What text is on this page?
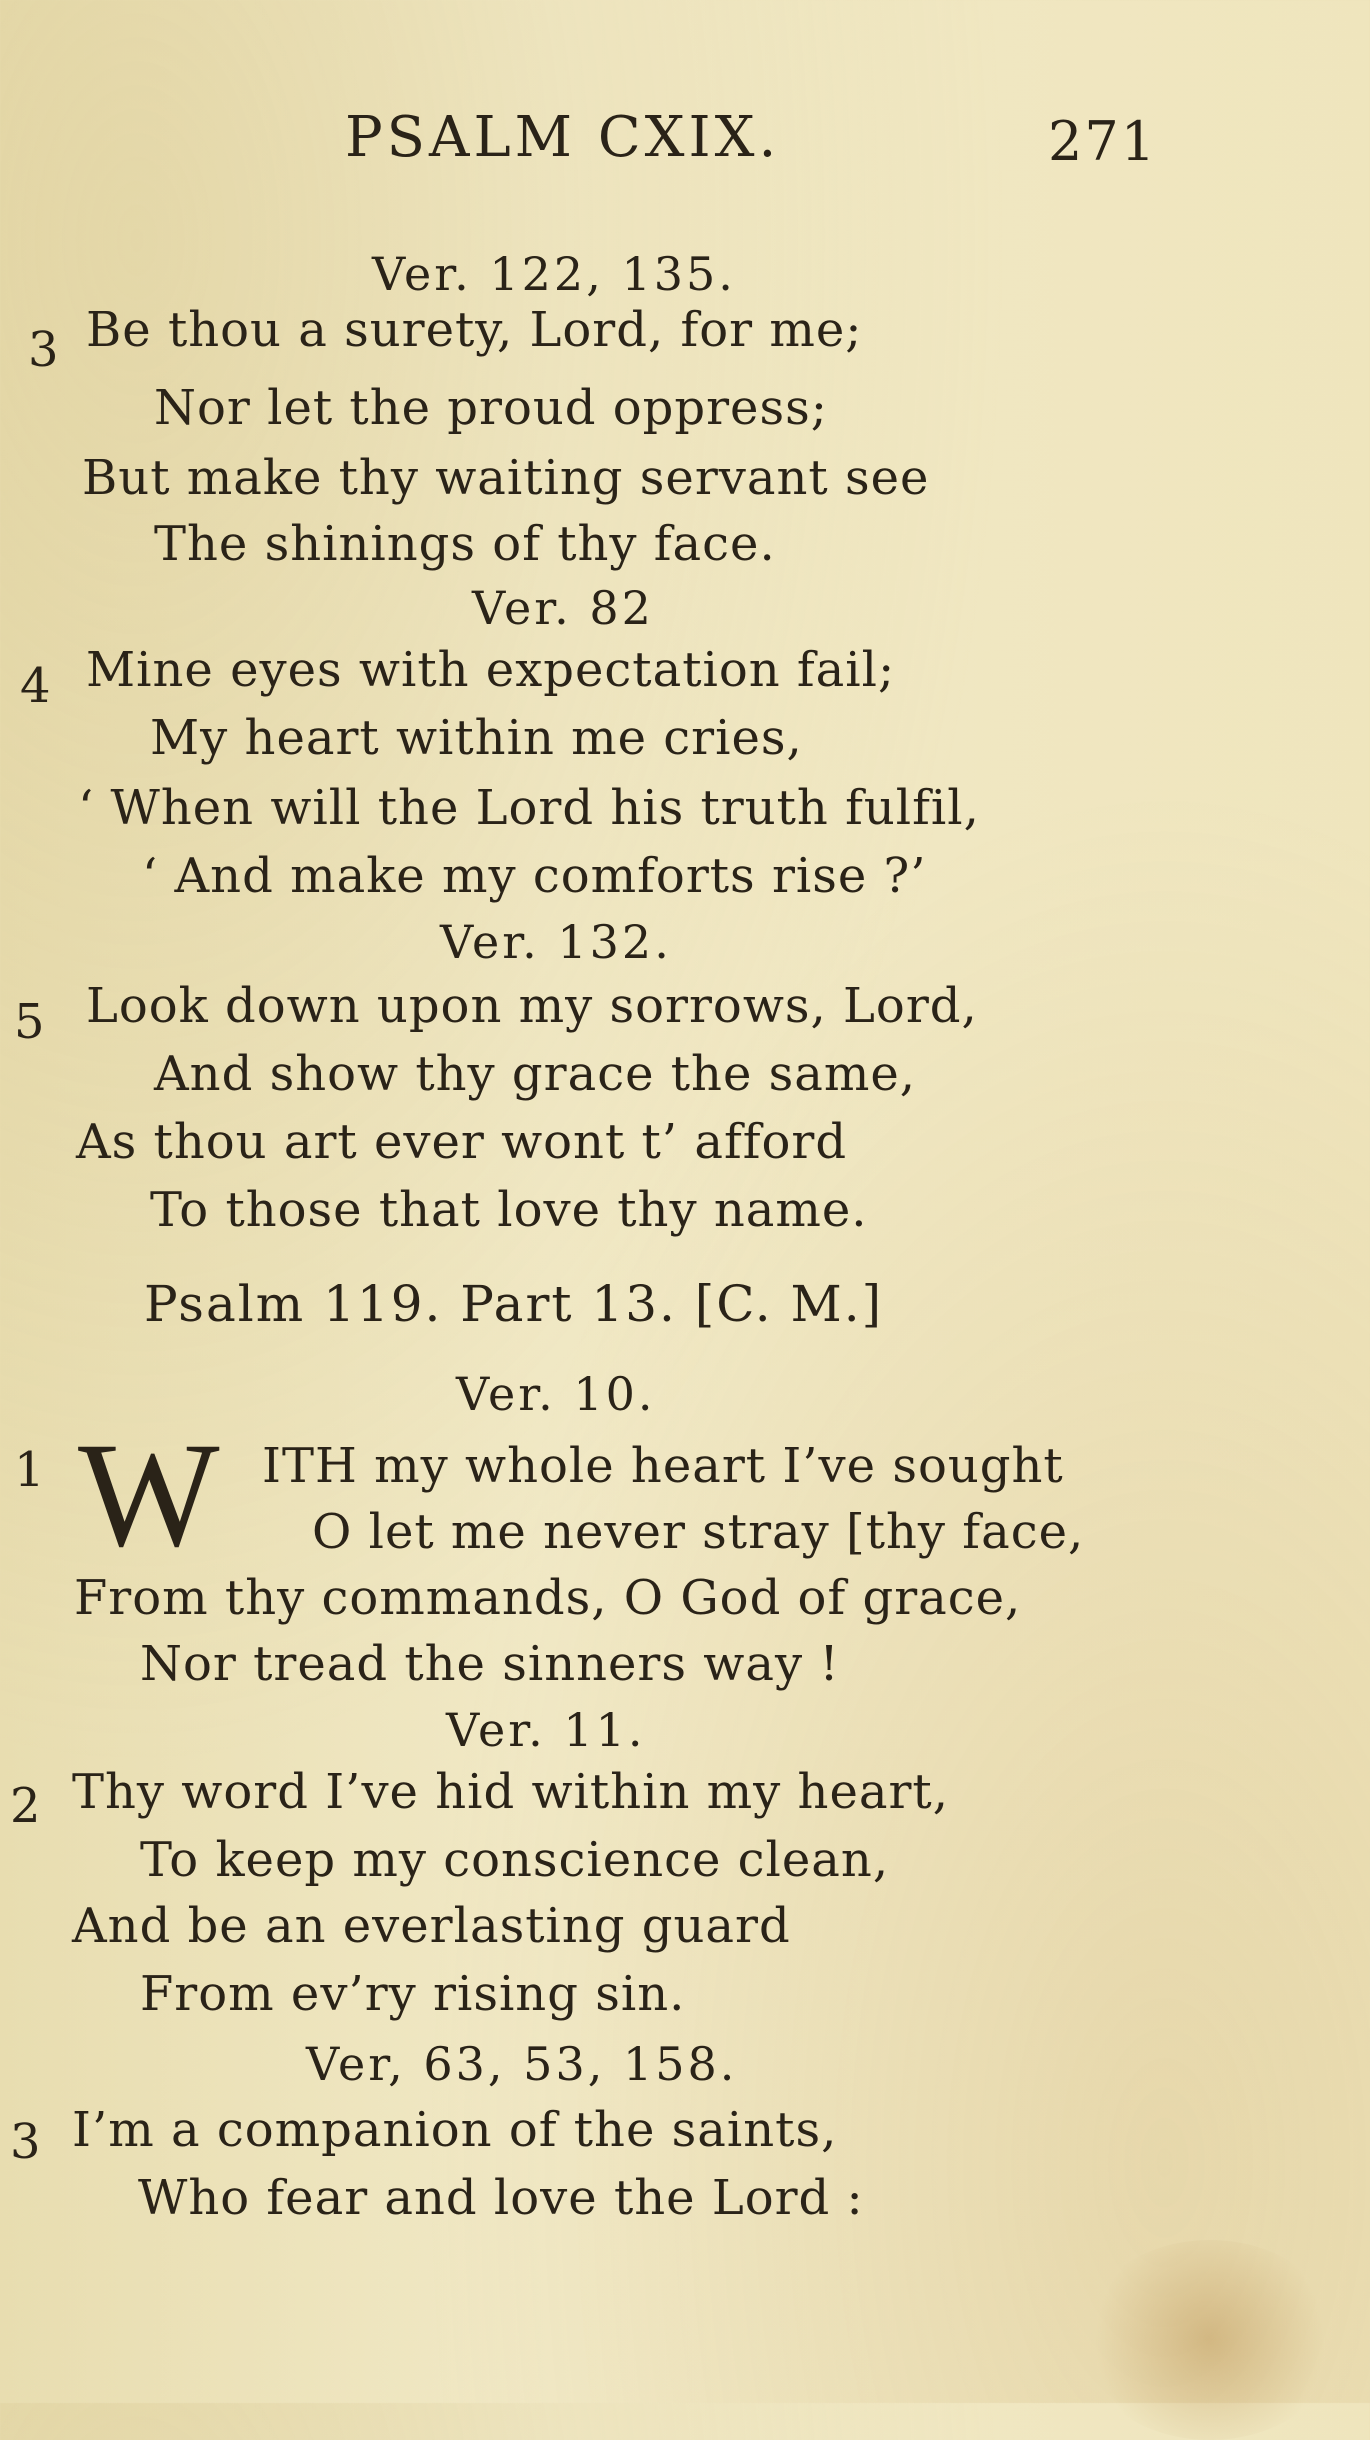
PSALM CXIX.	271
Ver. 122, 135.
3 Be thou a surety, Lord, for me;
Nor let the proud oppress;
But make thy waiting servant see
The shinings of thy face.
Ver. 82
4 Mine eyes with expectation fail;
My heart within me cries,
‘ When will the Lord his truth fulfil,
‘ And make my comforts rise ?’
Ver. 132.
5 Look down upon my sorrows, Lord,
And show thy grace the same,
As thou art ever wont t’ afford
To those that love thy name.
Psalm 119. Part 13. [C. M.]
Ver. 10.
1 W ITH my whole heart I’ve sought
O let me never stray [thy face,
From thy commands, O God of grace,
Nor tread the sinners way !
Ver. 11.
2 Thy word I’ve hid within my heart,
To keep my conscience clean,
And be an everlasting guard
From ev’ry rising sin.
Ver, 63, 53, 158.
3 I’m a companion of the saints,
Who fear and love the Lord :
